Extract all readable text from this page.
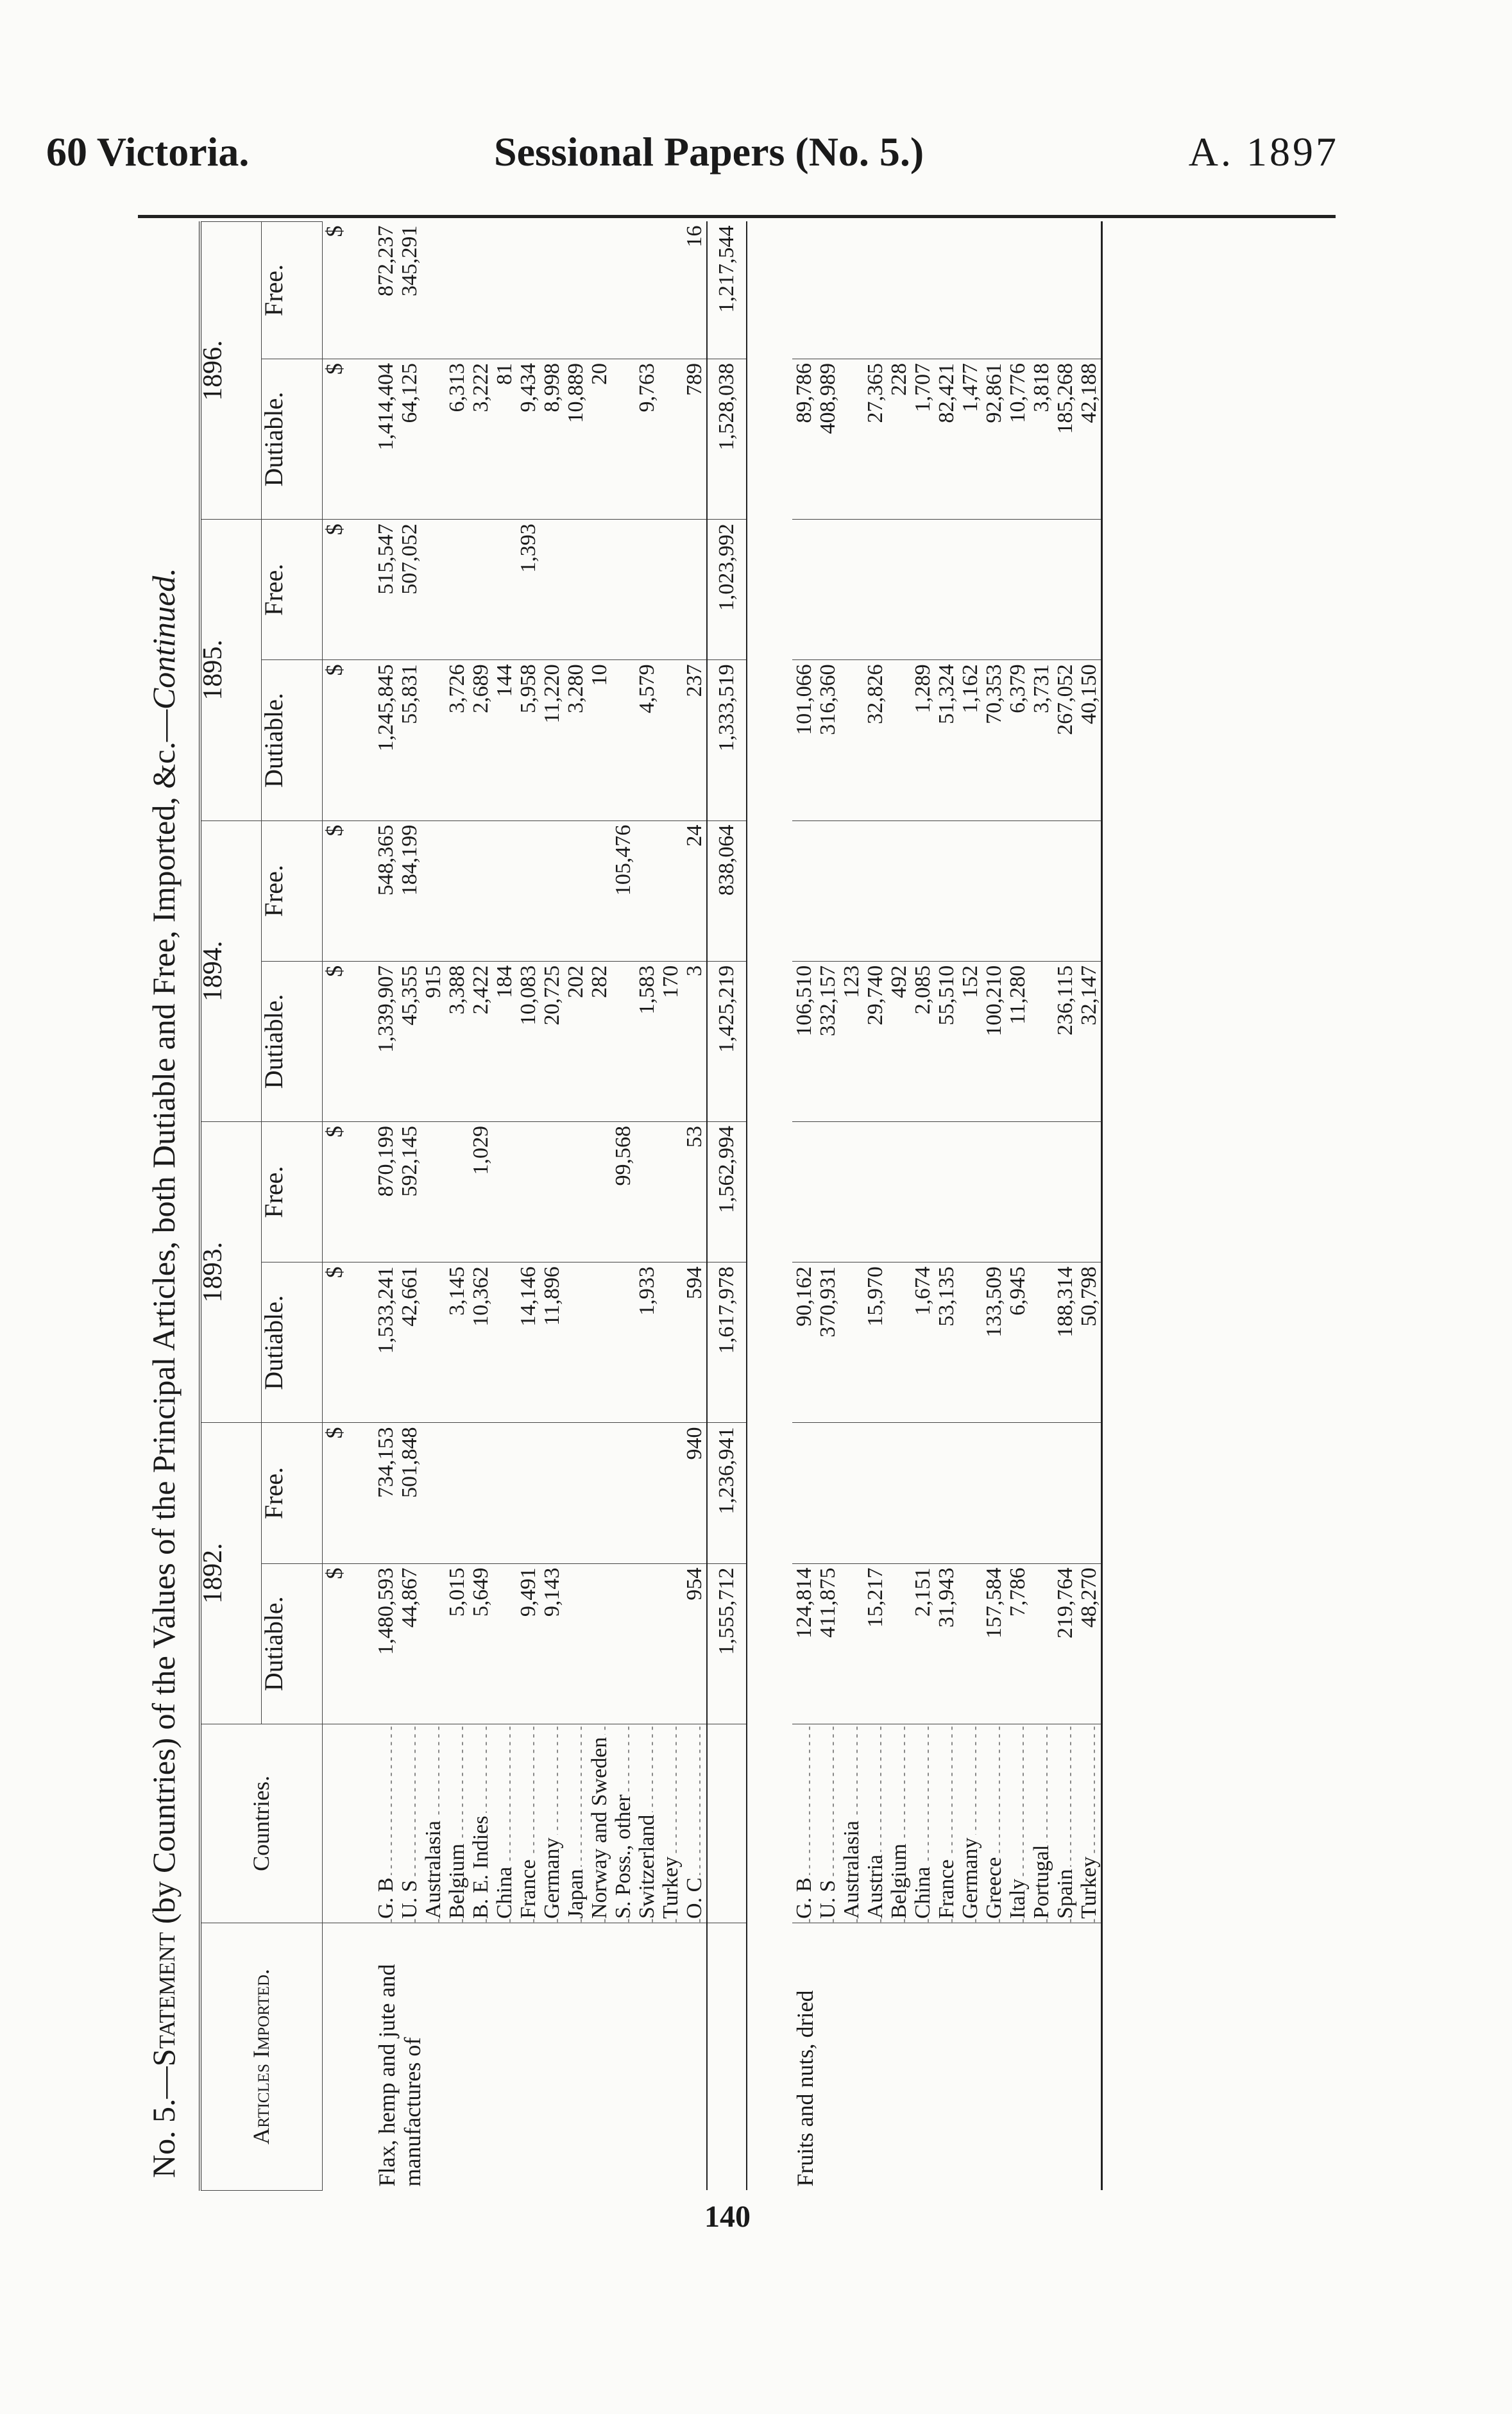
60 Victoria.	Sessional Papers (No. 5.)	A. 1897
No. 5.—Statement (by Countries) of the Values of the Principal Articles, both Dutiable and Free, Imported, &c.—Continued.
Articles Imported.	Countries.	1892.		1893.		1894.		1895.		1896.	
		Dutiable.	Free.	Dutiable.	Free.	Dutiable.	Free.	Dutiable.	Free.	Dutiable.	Free.
		$	$	$	$	$	$	$	$	$	$
Flax, hemp and jute and manufactures of	G. B	1,480,593	734,153	1,533,241	870,199	1,339,907	548,365	1,245,845	515,547	1,414,404	872,237
	U. S	44,867	501,848	42,661	592,145	45,355	184,199	55,831	507,052	64,125	345,291
	Australasia					915					
	Belgium	5,015		3,145		3,388		3,726		6,313	
	B. E. Indies	5,649		10,362	1,029	2,422		2,689		3,222	
	China					184		144		81	
	France	9,491		14,146		10,083		5,958	1,393	9,434	
	Germany	9,143		11,896		20,725		11,220		8,998	
	Japan					202		3,280		10,889	
	Norway and Sweden					282		10		20	
	S. Poss., other				99,568		105,476				
	Switzerland			1,933		1,583		4,579		9,763	
	Turkey					170					
	O. C	954	940	594	53	3	24	237		789	16
		1,555,712	1,236,941	1,617,978	1,562,994	1,425,219	838,064	1,333,519	1,023,992	1,528,038	1,217,544

Fruits and nuts, dried	G. B	124,814		90,162		106,510		101,066		89,786	
	U. S	411,875		370,931		332,157		316,360		408,989	
	Australasia					123					
	Austria	15,217		15,970		29,740		32,826		27,365	
	Belgium					492				228	
	China	2,151		1,674		2,085		1,289		1,707	
	France	31,943		53,135		55,510		51,324		82,421	
	Germany					152		1,162		1,477	
	Greece	157,584		133,509		100,210		70,353		92,861	
	Italy	7,786		6,945		11,280		6,379		10,776	
	Portugal							3,731		3,818	
	Spain	219,764		188,314		236,115		267,052		185,268	
	Turkey	48,270		50,798		32,147		40,150		42,188	
140
